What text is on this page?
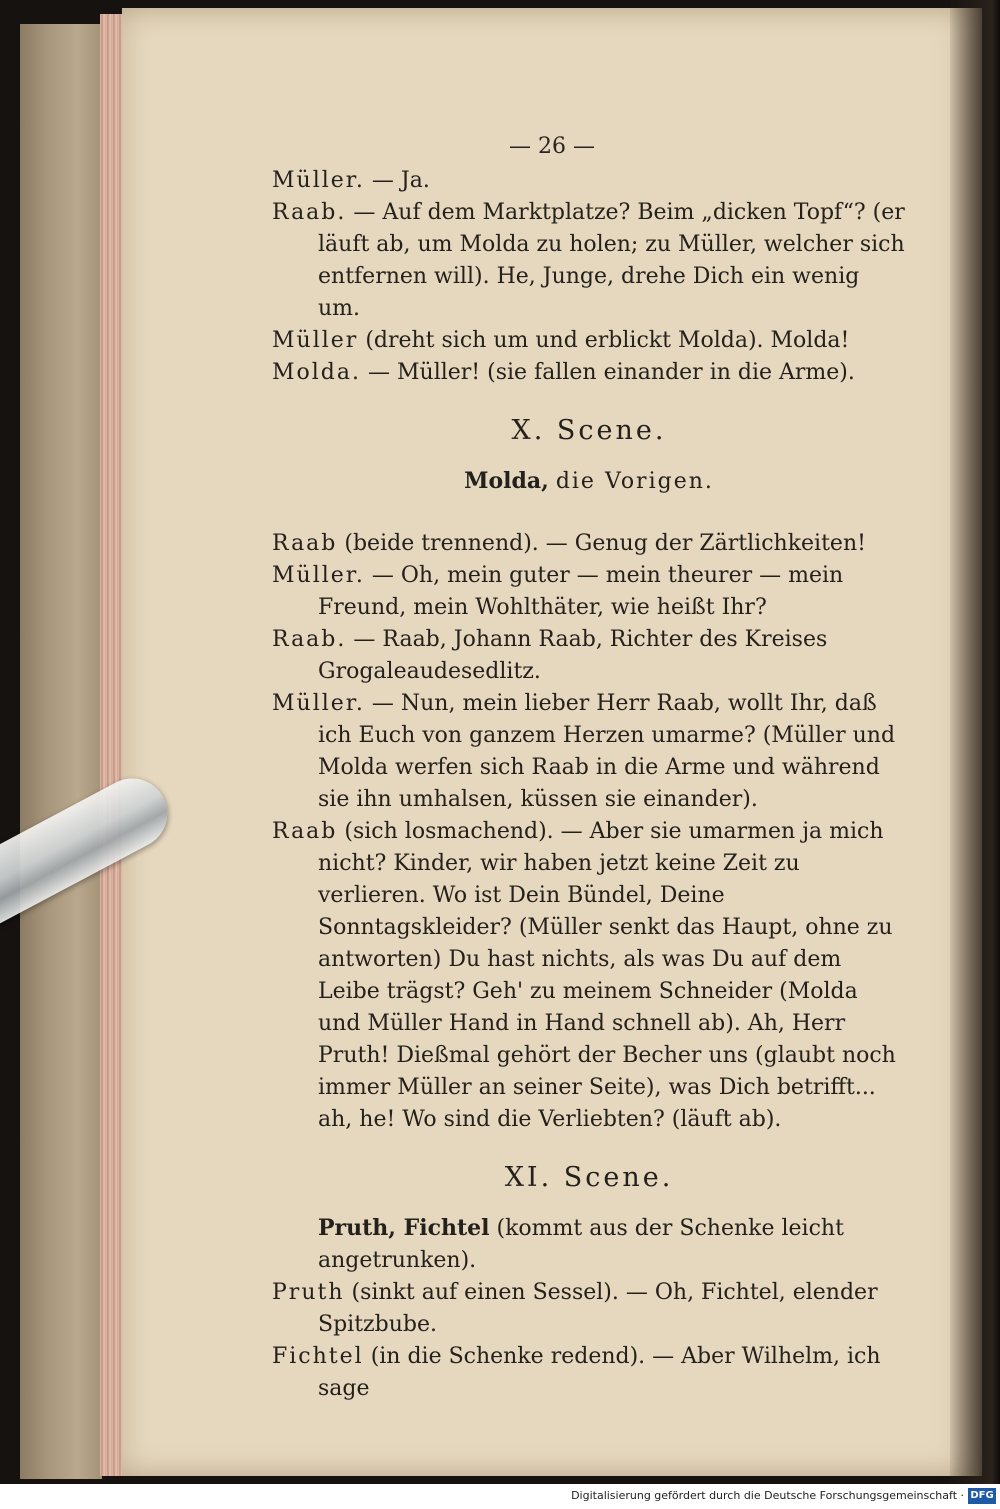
— 26 —

Müller. — Ja.

Raab. — Auf dem Marktplatze? Beim „dicken Topf“? (er läuft ab, um Molda zu holen; zu Müller, welcher sich entfernen will). He, Junge, drehe Dich ein wenig um.

Müller (dreht sich um und erblickt Molda). Molda!

Molda. — Müller! (sie fallen einander in die Arme).

X. Scene.

Molda, die Vorigen.

Raab (beide trennend). — Genug der Zärtlichkeiten!

Müller. — Oh, mein guter — mein theurer — mein Freund, mein Wohlthäter, wie heißt Ihr?

Raab. — Raab, Johann Raab, Richter des Kreises Grogaleaudesedlitz.

Müller. — Nun, mein lieber Herr Raab, wollt Ihr, daß ich Euch von ganzem Herzen umarme? (Müller und Molda werfen sich Raab in die Arme und während sie ihn umhalsen, küssen sie einander).

Raab (sich losmachend). — Aber sie umarmen ja mich nicht? Kinder, wir haben jetzt keine Zeit zu verlieren. Wo ist Dein Bündel, Deine Sonntagskleider? (Müller senkt das Haupt, ohne zu antworten) Du hast nichts, als was Du auf dem Leibe trägst? Geh' zu meinem Schneider (Molda und Müller Hand in Hand schnell ab). Ah, Herr Pruth! Dießmal gehört der Becher uns (glaubt noch immer Müller an seiner Seite), was Dich betrifft... ah, he! Wo sind die Verliebten? (läuft ab).

XI. Scene.

Pruth, Fichtel (kommt aus der Schenke leicht angetrunken).

Pruth (sinkt auf einen Sessel). — Oh, Fichtel, elender Spitzbube.

Fichtel (in die Schenke redend). — Aber Wilhelm, ich sage

Digitalisierung gefördert durch die Deutsche Forschungsgemeinschaft · DFG
